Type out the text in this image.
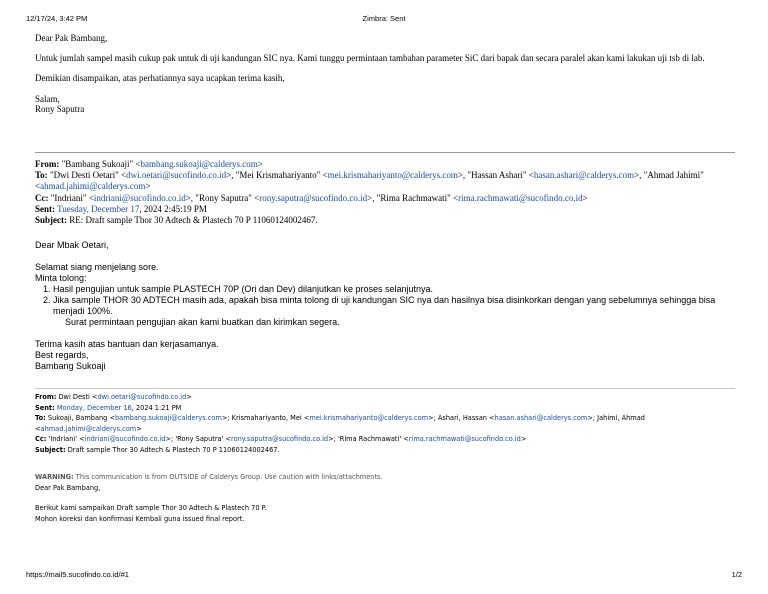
12/17/24, 3:42 PM	Zimbra: Sent

Dear Pak Bambang,

Untuk jumlah sampel masih cukup pak untuk di uji kandungan SIC nya. Kami tunggu permintaan tambahan parameter SiC dari bapak dan secara paralel akan kami lakukan uji tsb di lab.

Demikian disampaikan, atas perhatiannya saya ucapkan terima kasih,

Salam,

Rony Saputra

From: "Bambang Sukoaji" <bambang.sukoaji@calderys.com>

To: "Dwi Desti Oetari" <dwi.oetari@sucofindo.co.id>, "Mei Krismahariyanto" <mei.krismahariyanto@calderys.com>, "Hassan Ashari" <hasan.ashari@calderys.com>, "Ahmad Jahimi" <ahmad.jahimi@calderys.com>

Cc: "Indriani" <indriani@sucofindo.co.id>, "Rony Saputra" <rony.saputra@sucofindo.co.id>, "Rima Rachmawati" <rima.rachmawati@sucofindo.co.id>

Sent: Tuesday, December 17, 2024 2:45:19 PM

Subject: RE: Draft sample Thor 30 Adtech & Plastech 70 P 11060124002467.

Dear Mbak Oetari,

Selamat siang menjelang sore.

Minta tolong:

1. Hasil pengujian untuk sample PLASTECH 70P (Ori dan Dev) dilanjutkan ke proses selanjutnya.
2. Jika sample THOR 30 ADTECH masih ada, apakah bisa minta tolong di uji kandungan SIC nya dan hasilnya bisa disinkorkan dengan yang sebelumnya sehingga bisa menjadi 100%.

Surat permintaan pengujian akan kami buatkan dan kirimkan segera.

Terima kasih atas bantuan dan kerjasamanya.

Best regards,

Bambang Sukoaji

From: Dwi Desti <dwi.oetari@sucofindo.co.id>

Sent: Monday, December 16, 2024 1:21 PM

To: Sukoaji, Bambang <bambang.sukoaji@calderys.com>; Krismahariyanto, Mei <mei.krismahariyanto@calderys.com>; Ashari, Hassan <hasan.ashari@calderys.com>; Jahimi, Ahmad <ahmad.jahimi@calderys.com>

Cc: 'Indriani' <indriani@sucofindo.co.id>; 'Rony Saputra' <rony.saputra@sucofindo.co.id>; 'Rima Rachmawati' <rima.rachmawati@sucofindo.co.id>

Subject: Draft sample Thor 30 Adtech & Plastech 70 P 11060124002467.

WARNING: This communication is from OUTSIDE of Calderys Group. Use caution with links/attachments.

Dear Pak Bambang,

Berikut kami sampaikan Draft sample Thor 30 Adtech & Plastech 70 P.

Mohon koreksi dan konfirmasi Kembali guna issued final report.

https://mail5.sucofindo.co.id/#1	1/2
